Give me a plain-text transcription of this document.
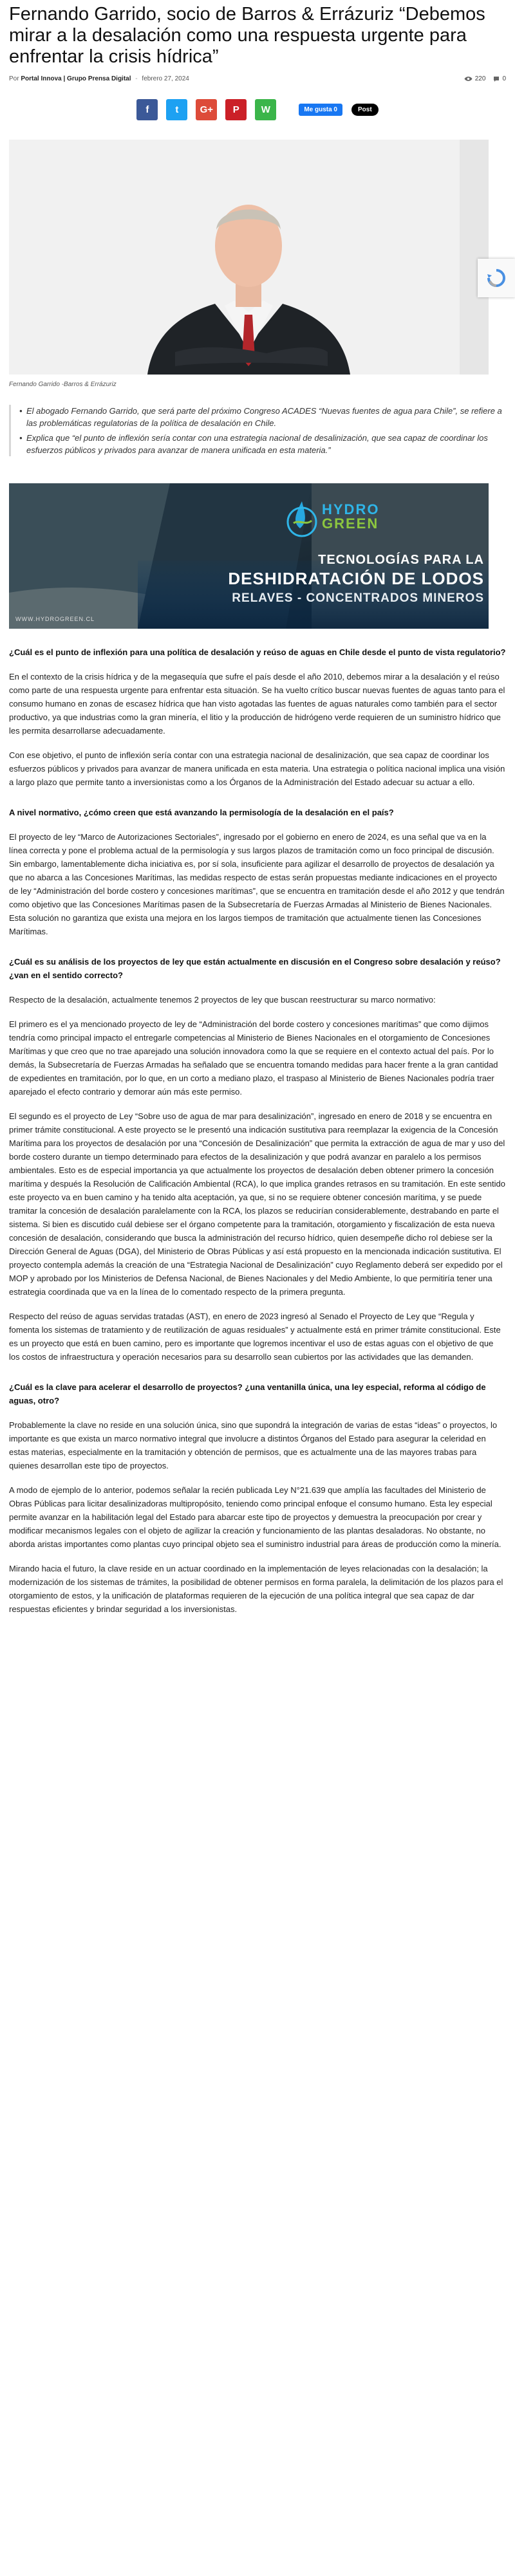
Fernando Garrido, socio de Barros & Errázuriz “Debemos mirar a la desalación como una respuesta urgente para enfrentar la crisis hídrica”
Por Portal Innova | Grupo Prensa Digital - febrero 27, 2024	220	0
f	t	G+	P	W	Me gusta 0	Post
Fernando Garrido -Barros & Errázuriz
• El abogado Fernando Garrido, que será parte del próximo Congreso ACADES “Nuevas fuentes de agua para Chile”, se refiere a las problemáticas regulatorias de la política de desalación en Chile.
• Explica que “el punto de inflexión sería contar con una estrategia nacional de desalinización, que sea capaz de coordinar los esfuerzos públicos y privados para avanzar de manera unificada en esta materia.”
HYDRO
GREEN
TECNOLOGÍAS PARA LA
DESHIDRATACIÓN DE LODOS
RELAVES - CONCENTRADOS MINEROS
WWW.HYDROGREEN.CL

¿Cuál es el punto de inflexión para una política de desalación y reúso de aguas en Chile desde el punto de vista regulatorio?

En el contexto de la crisis hídrica y de la megasequía que sufre el país desde el año 2010, debemos mirar a la desalación y el reúso como parte de una respuesta urgente para enfrentar esta situación. Se ha vuelto crítico buscar nuevas fuentes de aguas tanto para el consumo humano en zonas de escasez hídrica que han visto agotadas las fuentes de aguas naturales como también para el sector productivo, ya que industrias como la gran minería, el litio y la producción de hidrógeno verde requieren de un suministro hídrico que les permita desarrollarse adecuadamente.

Con ese objetivo, el punto de inflexión sería contar con una estrategia nacional de desalinización, que sea capaz de coordinar los esfuerzos públicos y privados para avanzar de manera unificada en esta materia. Una estrategia o política nacional implica una visión a largo plazo que permite tanto a inversionistas como a los Órganos de la Administración del Estado adecuar su actuar a ello.

A nivel normativo, ¿cómo creen que está avanzando la permisología de la desalación en el país?

El proyecto de ley “Marco de Autorizaciones Sectoriales”, ingresado por el gobierno en enero de 2024, es una señal que va en la línea correcta y pone el problema actual de la permisología y sus largos plazos de tramitación como un foco principal de discusión. Sin embargo, lamentablemente dicha iniciativa es, por sí sola, insuficiente para agilizar el desarrollo de proyectos de desalación ya que no abarca a las Concesiones Marítimas, las medidas respecto de estas serán propuestas mediante indicaciones en el proyecto de ley “Administración del borde costero y concesiones marítimas”, que se encuentra en tramitación desde el año 2012 y que tendrán como objetivo que las Concesiones Marítimas pasen de la Subsecretaría de Fuerzas Armadas al Ministerio de Bienes Nacionales. Esta solución no garantiza que exista una mejora en los largos tiempos de tramitación que actualmente tienen las Concesiones Marítimas.

¿Cuál es su análisis de los proyectos de ley que están actualmente en discusión en el Congreso sobre desalación y reúso? ¿van en el sentido correcto?

Respecto de la desalación, actualmente tenemos 2 proyectos de ley que buscan reestructurar su marco normativo:

El primero es el ya mencionado proyecto de ley de “Administración del borde costero y concesiones marítimas” que como dijimos tendría como principal impacto el entregarle competencias al Ministerio de Bienes Nacionales en el otorgamiento de Concesiones Marítimas y que creo que no trae aparejado una solución innovadora como la que se requiere en el contexto actual del país. Por lo demás, la Subsecretaría de Fuerzas Armadas ha señalado que se encuentra tomando medidas para hacer frente a la gran cantidad de expedientes en tramitación, por lo que, en un corto a mediano plazo, el traspaso al Ministerio de Bienes Nacionales podría traer aparejado el efecto contrario y demorar aún más este permiso.

El segundo es el proyecto de Ley “Sobre uso de agua de mar para desalinización”, ingresado en enero de 2018 y se encuentra en primer trámite constitucional. A este proyecto se le presentó una indicación sustitutiva para reemplazar la exigencia de la Concesión Marítima para los proyectos de desalación por una “Concesión de Desalinización” que permita la extracción de agua de mar y uso del borde costero durante un tiempo determinado para efectos de la desalinización y que podrá avanzar en paralelo a los permisos ambientales. Esto es de especial importancia ya que actualmente los proyectos de desalación deben obtener primero la concesión marítima y después la Resolución de Calificación Ambiental (RCA), lo que implica grandes retrasos en su tramitación. En este sentido este proyecto va en buen camino y ha tenido alta aceptación, ya que, si no se requiere obtener concesión marítima, y se puede tramitar la concesión de desalación paralelamente con la RCA, los plazos se reducirían considerablemente, destrabando en parte el sistema. Si bien es discutido cuál debiese ser el órgano competente para la tramitación, otorgamiento y fiscalización de esta nueva concesión de desalación, considerando que busca la administración del recurso hídrico, quien desempeñe dicho rol debiese ser la Dirección General de Aguas (DGA), del Ministerio de Obras Públicas y así está propuesto en la mencionada indicación sustitutiva. El proyecto contempla además la creación de una “Estrategia Nacional de Desalinización” cuyo Reglamento deberá ser expedido por el MOP y aprobado por los Ministerios de Defensa Nacional, de Bienes Nacionales y del Medio Ambiente, lo que permitiría tener una estrategia coordinada que va en la línea de lo comentado respecto de la primera pregunta.

Respecto del reúso de aguas servidas tratadas (AST), en enero de 2023 ingresó al Senado el Proyecto de Ley que “Regula y fomenta los sistemas de tratamiento y de reutilización de aguas residuales” y actualmente está en primer trámite constitucional. Este es un proyecto que está en buen camino, pero es importante que logremos incentivar el uso de estas aguas con el objetivo de que los costos de infraestructura y operación necesarios para su desarrollo sean cubiertos por las actividades que las demanden.

¿Cuál es la clave para acelerar el desarrollo de proyectos? ¿una ventanilla única, una ley especial, reforma al código de aguas, otro?

Probablemente la clave no reside en una solución única, sino que supondrá la integración de varias de estas “ideas” o proyectos, lo importante es que exista un marco normativo integral que involucre a distintos Órganos del Estado para asegurar la celeridad en estas materias, especialmente en la tramitación y obtención de permisos, que es actualmente una de las mayores trabas para quienes desarrollan este tipo de proyectos.

A modo de ejemplo de lo anterior, podemos señalar la recién publicada Ley N°21.639 que amplía las facultades del Ministerio de Obras Públicas para licitar desalinizadoras multipropósito, teniendo como principal enfoque el consumo humano. Esta ley especial permite avanzar en la habilitación legal del Estado para abarcar este tipo de proyectos y demuestra la preocupación por crear y modificar mecanismos legales con el objeto de agilizar la creación y funcionamiento de las plantas desaladoras. No obstante, no aborda aristas importantes como plantas cuyo principal objeto sea el suministro industrial para áreas de producción como la minería.

Mirando hacia el futuro, la clave reside en un actuar coordinado en la implementación de leyes relacionadas con la desalación; la modernización de los sistemas de trámites, la posibilidad de obtener permisos en forma paralela, la delimitación de los plazos para el otorgamiento de estos, y la unificación de plataformas requieren de la ejecución de una política integral que sea capaz de dar respuestas eficientes y brindar seguridad a los inversionistas.
